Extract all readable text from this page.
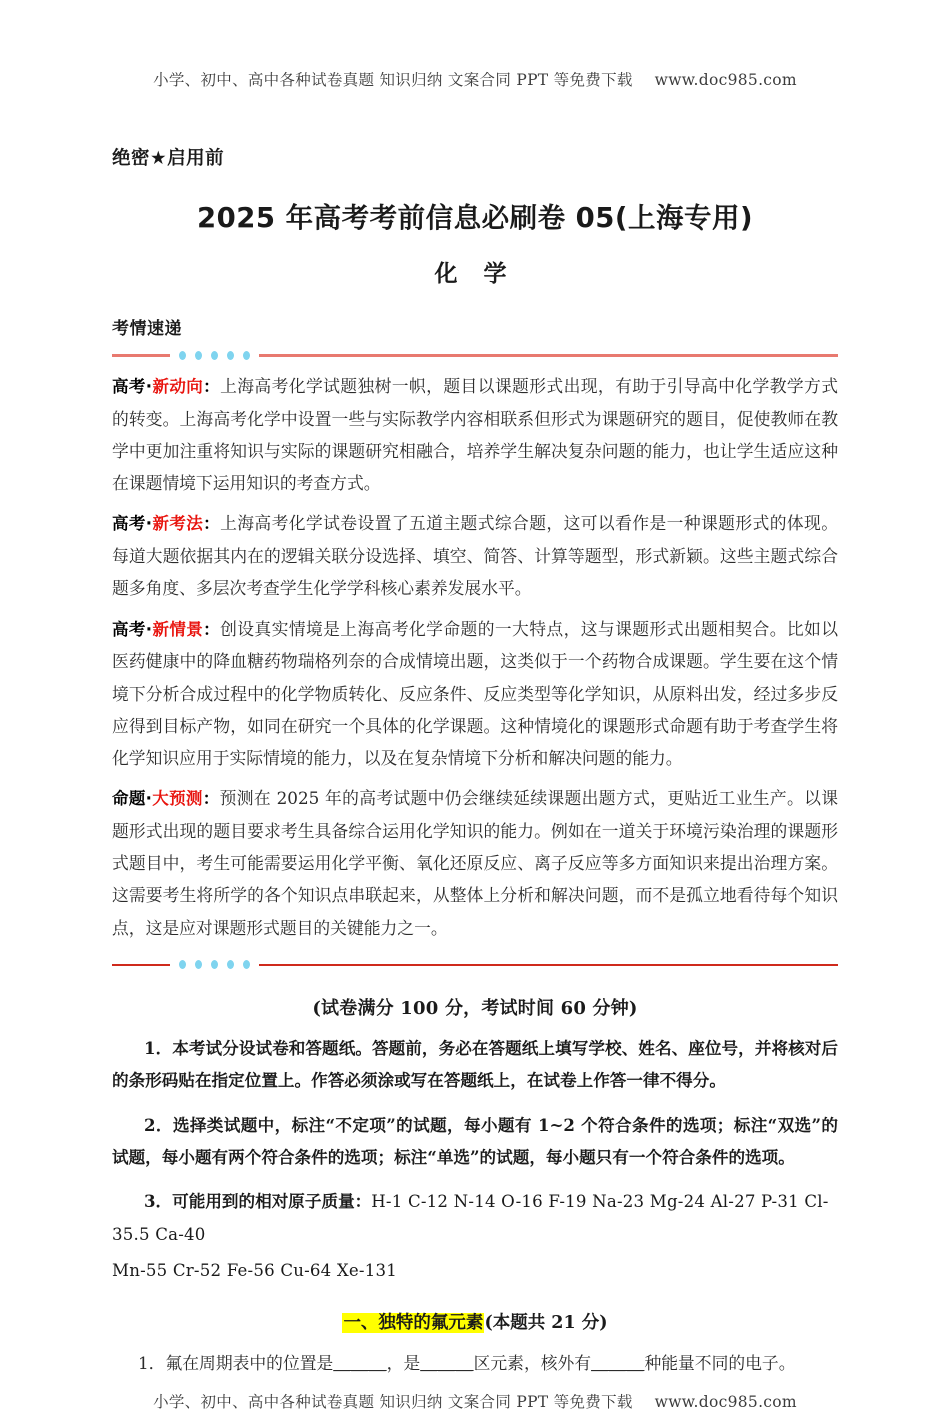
小学、初中、高中各种试卷真题 知识归纳 文案合同 PPT 等免费下载 www.doc985.com
绝密★启用前
2025 年高考考前信息必刷卷 05(上海专用)
化 学
考情速递
高考·新动向：上海高考化学试题独树一帜，题目以课题形式出现，有助于引导高中化学教学方式的转变。上海高考化学中设置一些与实际教学内容相联系但形式为课题研究的题目，促使教师在教学中更加注重将知识与实际的课题研究相融合，培养学生解决复杂问题的能力，也让学生适应这种在课题情境下运用知识的考查方式。
高考·新考法：上海高考化学试卷设置了五道主题式综合题，这可以看作是一种课题形式的体现。每道大题依据其内在的逻辑关联分设选择、填空、简答、计算等题型，形式新颖。这些主题式综合题多角度、多层次考查学生化学学科核心素养发展水平。
高考·新情景：创设真实情境是上海高考化学命题的一大特点，这与课题形式出题相契合。比如以医药健康中的降血糖药物瑞格列奈的合成情境出题，这类似于一个药物合成课题。学生要在这个情境下分析合成过程中的化学物质转化、反应条件、反应类型等化学知识，从原料出发，经过多步反应得到目标产物，如同在研究一个具体的化学课题。这种情境化的课题形式命题有助于考查学生将化学知识应用于实际情境的能力，以及在复杂情境下分析和解决问题的能力。
命题·大预测：预测在 2025 年的高考试题中仍会继续延续课题出题方式，更贴近工业生产。以课题形式出现的题目要求考生具备综合运用化学知识的能力。例如在一道关于环境污染治理的课题形式题目中，考生可能需要运用化学平衡、氧化还原反应、离子反应等多方面知识来提出治理方案。这需要考生将所学的各个知识点串联起来，从整体上分析和解决问题，而不是孤立地看待每个知识点，这是应对课题形式题目的关键能力之一。
(试卷满分 100 分，考试时间 60 分钟)
1．本考试分设试卷和答题纸。答题前，务必在答题纸上填写学校、姓名、座位号，并将核对后的条形码贴在指定位置上。作答必须涂或写在答题纸上，在试卷上作答一律不得分。
2．选择类试题中，标注“不定项”的试题，每小题有 1~2 个符合条件的选项；标注“双选”的试题，每小题有两个符合条件的选项；标注“单选”的试题，每小题只有一个符合条件的选项。
3．可能用到的相对原子质量：H-1 C-12 N-14 O-16 F-19 Na-23 Mg-24 Al-27 P-31 Cl-35.5 Ca-40
Mn-55 Cr-52 Fe-56 Cu-64 Xe-131
一、独特的氟元素(本题共 21 分)
1．氟在周期表中的位置是＿＿＿，是＿＿＿区元素，核外有＿＿＿种能量不同的电子。
小学、初中、高中各种试卷真题 知识归纳 文案合同 PPT 等免费下载 www.doc985.com
